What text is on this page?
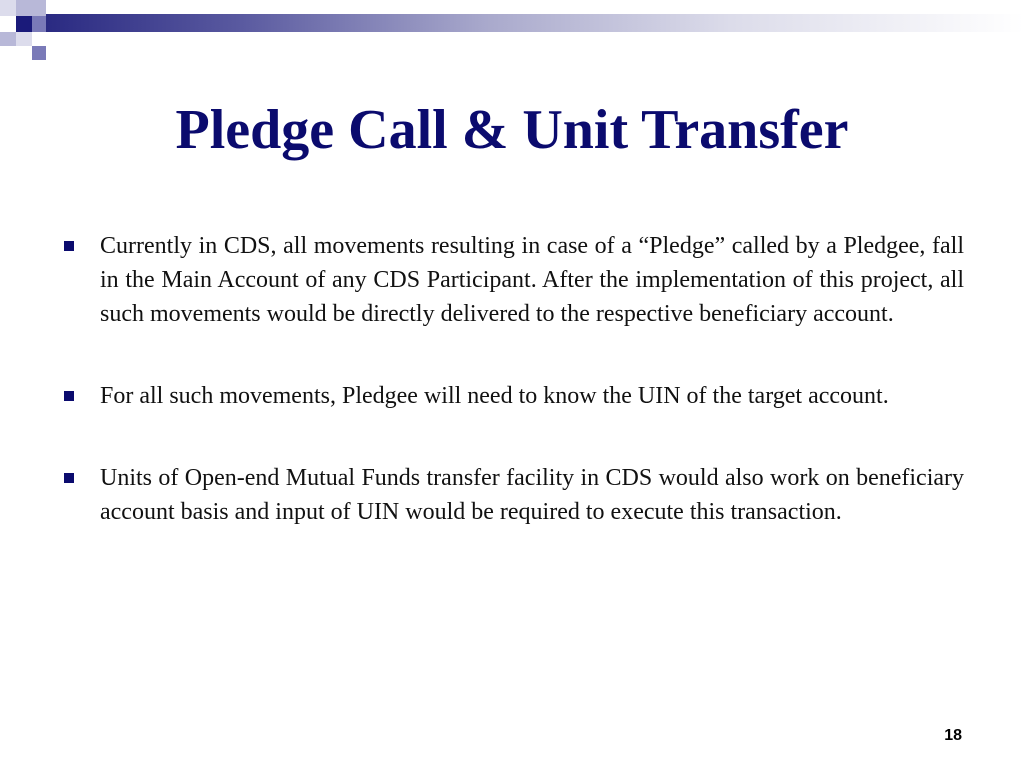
Pledge Call & Unit Transfer
Currently in CDS, all movements resulting in case of a “Pledge” called by a Pledgee, fall in the Main Account of any CDS Participant. After the implementation of this project, all such movements would be directly delivered to the respective beneficiary account.
For all such movements, Pledgee will need to know the UIN of the target account.
Units of Open-end Mutual Funds transfer facility in CDS would also work on beneficiary account basis and input of UIN would be required to execute this transaction.
18
